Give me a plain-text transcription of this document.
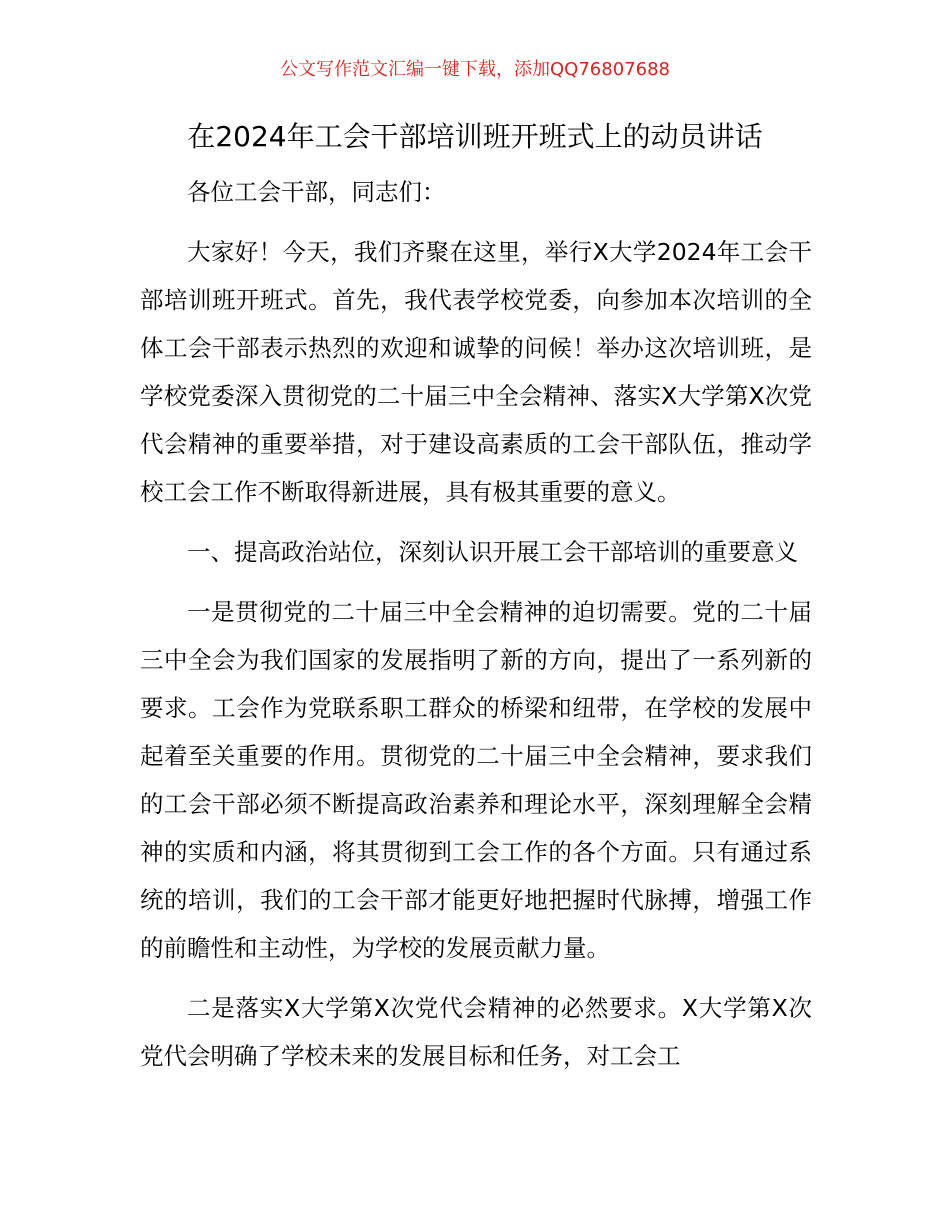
公文写作范文汇编一键下载，添加QQ76807688
在2024年工会干部培训班开班式上的动员讲话

各位工会干部，同志们：

大家好！今天，我们齐聚在这里，举行X大学2024年工会干部培训班开班式。首先，我代表学校党委，向参加本次培训的全体工会干部表示热烈的欢迎和诚挚的问候！举办这次培训班，是学校党委深入贯彻党的二十届三中全会精神、落实X大学第X次党代会精神的重要举措，对于建设高素质的工会干部队伍，推动学校工会工作不断取得新进展，具有极其重要的意义。

一、提高政治站位，深刻认识开展工会干部培训的重要意义

一是贯彻党的二十届三中全会精神的迫切需要。党的二十届三中全会为我们国家的发展指明了新的方向，提出了一系列新的要求。工会作为党联系职工群众的桥梁和纽带，在学校的发展中起着至关重要的作用。贯彻党的二十届三中全会精神，要求我们的工会干部必须不断提高政治素养和理论水平，深刻理解全会精神的实质和内涵，将其贯彻到工会工作的各个方面。只有通过系统的培训，我们的工会干部才能更好地把握时代脉搏，增强工作的前瞻性和主动性，为学校的发展贡献力量。

二是落实X大学第X次党代会精神的必然要求。X大学第X次党代会明确了学校未来的发展目标和任务，对工会工
